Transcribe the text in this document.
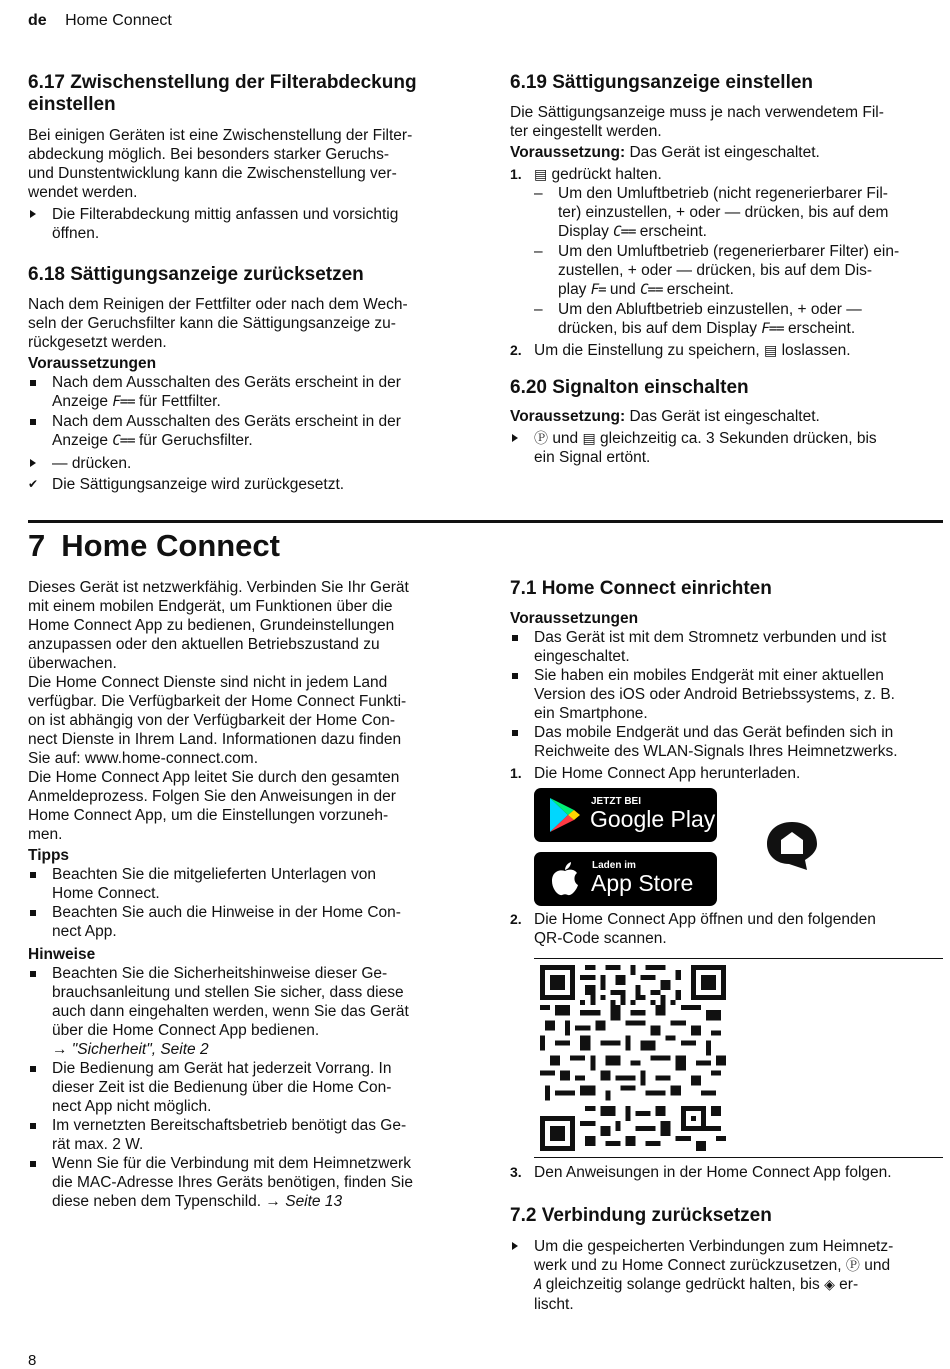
de Home Connect
6.17 Zwischenstellung der Filterabdeckung
einstellen

Bei einigen Geräten ist eine Zwischenstellung der Filter-

abdeckung möglich. Bei besonders starker Geruchs-

und Dunstentwicklung kann die Zwischenstellung ver-

wendet werden.

Die Filterabdeckung mittig anfassen und vorsichtig
öffnen.
6.18 Sättigungsanzeige zurücksetzen

Nach dem Reinigen der Fettfilter oder nach dem Wech-

seln der Geruchsfilter kann die Sättigungsanzeige zu-

rückgesetzt werden.

Voraussetzungen

Nach dem Ausschalten des Geräts erscheint in der
Anzeige F== für Fettfilter.
Nach dem Ausschalten des Geräts erscheint in der
Anzeige C== für Geruchsfilter.
— drücken.
✔ Die Sättigungsanzeige wird zurückgesetzt.
6.19 Sättigungsanzeige einstellen

Die Sättigungsanzeige muss je nach verwendetem Fil-

ter eingestellt werden.

Voraussetzung: Das Gerät ist eingeschaltet.

1. ▤ gedrückt halten.
– Um den Umluftbetrieb (nicht regenerierbarer Fil-
ter) einzustellen, + oder — drücken, bis auf dem
Display C== erscheint.
– Um den Umluftbetrieb (regenerierbarer Filter) ein-
zustellen, + oder — drücken, bis auf dem Dis-
play F= und C== erscheint.
– Um den Abluftbetrieb einzustellen, + oder —
drücken, bis auf dem Display F== erscheint.
2. Um die Einstellung zu speichern, ▤ loslassen.
6.20 Signalton einschalten

Voraussetzung: Das Gerät ist eingeschaltet.

Ⓟ und ▤ gleichzeitig ca. 3 Sekunden drücken, bis
ein Signal ertönt.
7 Home Connect

Dieses Gerät ist netzwerkfähig. Verbinden Sie Ihr Gerät

mit einem mobilen Endgerät, um Funktionen über die

Home Connect App zu bedienen, Grundeinstellungen

anzupassen oder den aktuellen Betriebszustand zu

überwachen.

Die Home Connect Dienste sind nicht in jedem Land

verfügbar. Die Verfügbarkeit der Home Connect Funkti-

on ist abhängig von der Verfügbarkeit der Home Con-

nect Dienste in Ihrem Land. Informationen dazu finden

Sie auf: www.home-connect.com.

Die Home Connect App leitet Sie durch den gesamten

Anmeldeprozess. Folgen Sie den Anweisungen in der

Home Connect App, um die Einstellungen vorzuneh-

men.

Tipps

Beachten Sie die mitgelieferten Unterlagen von
Home Connect.
Beachten Sie auch die Hinweise in der Home Con-
nect App.

Hinweise

Beachten Sie die Sicherheitshinweise dieser Ge-
brauchsanleitung und stellen Sie sicher, dass diese
auch dann eingehalten werden, wenn Sie das Gerät
über die Home Connect App bedienen.
→ "Sicherheit", Seite 2
Die Bedienung am Gerät hat jederzeit Vorrang. In
dieser Zeit ist die Bedienung über die Home Con-
nect App nicht möglich.
Im vernetzten Bereitschaftsbetrieb benötigt das Ge-
rät max. 2 W.
Wenn Sie für die Verbindung mit dem Heimnetzwerk
die MAC-Adresse Ihres Geräts benötigen, finden Sie
diese neben dem Typenschild. → Seite 13
7.1 Home Connect einrichten

Voraussetzungen

Das Gerät ist mit dem Stromnetz verbunden und ist
eingeschaltet.
Sie haben ein mobiles Endgerät mit einer aktuellen
Version des iOS oder Android Betriebssystems, z. B.
ein Smartphone.
Das mobile Endgerät und das Gerät befinden sich in
Reichweite des WLAN-Signals Ihres Heimnetzwerks.
1. Die Home Connect App herunterladen.
JETZT BEI
Google Play
Laden im
App Store
2. Die Home Connect App öffnen und den folgenden
QR-Code scannen.
3. Den Anweisungen in der Home Connect App folgen.
7.2 Verbindung zurücksetzen
Um die gespeicherten Verbindungen zum Heimnetz-
werk und zu Home Connect zurückzusetzen, Ⓟ und
A gleichzeitig solange gedrückt halten, bis ◈ er-
lischt.
8
